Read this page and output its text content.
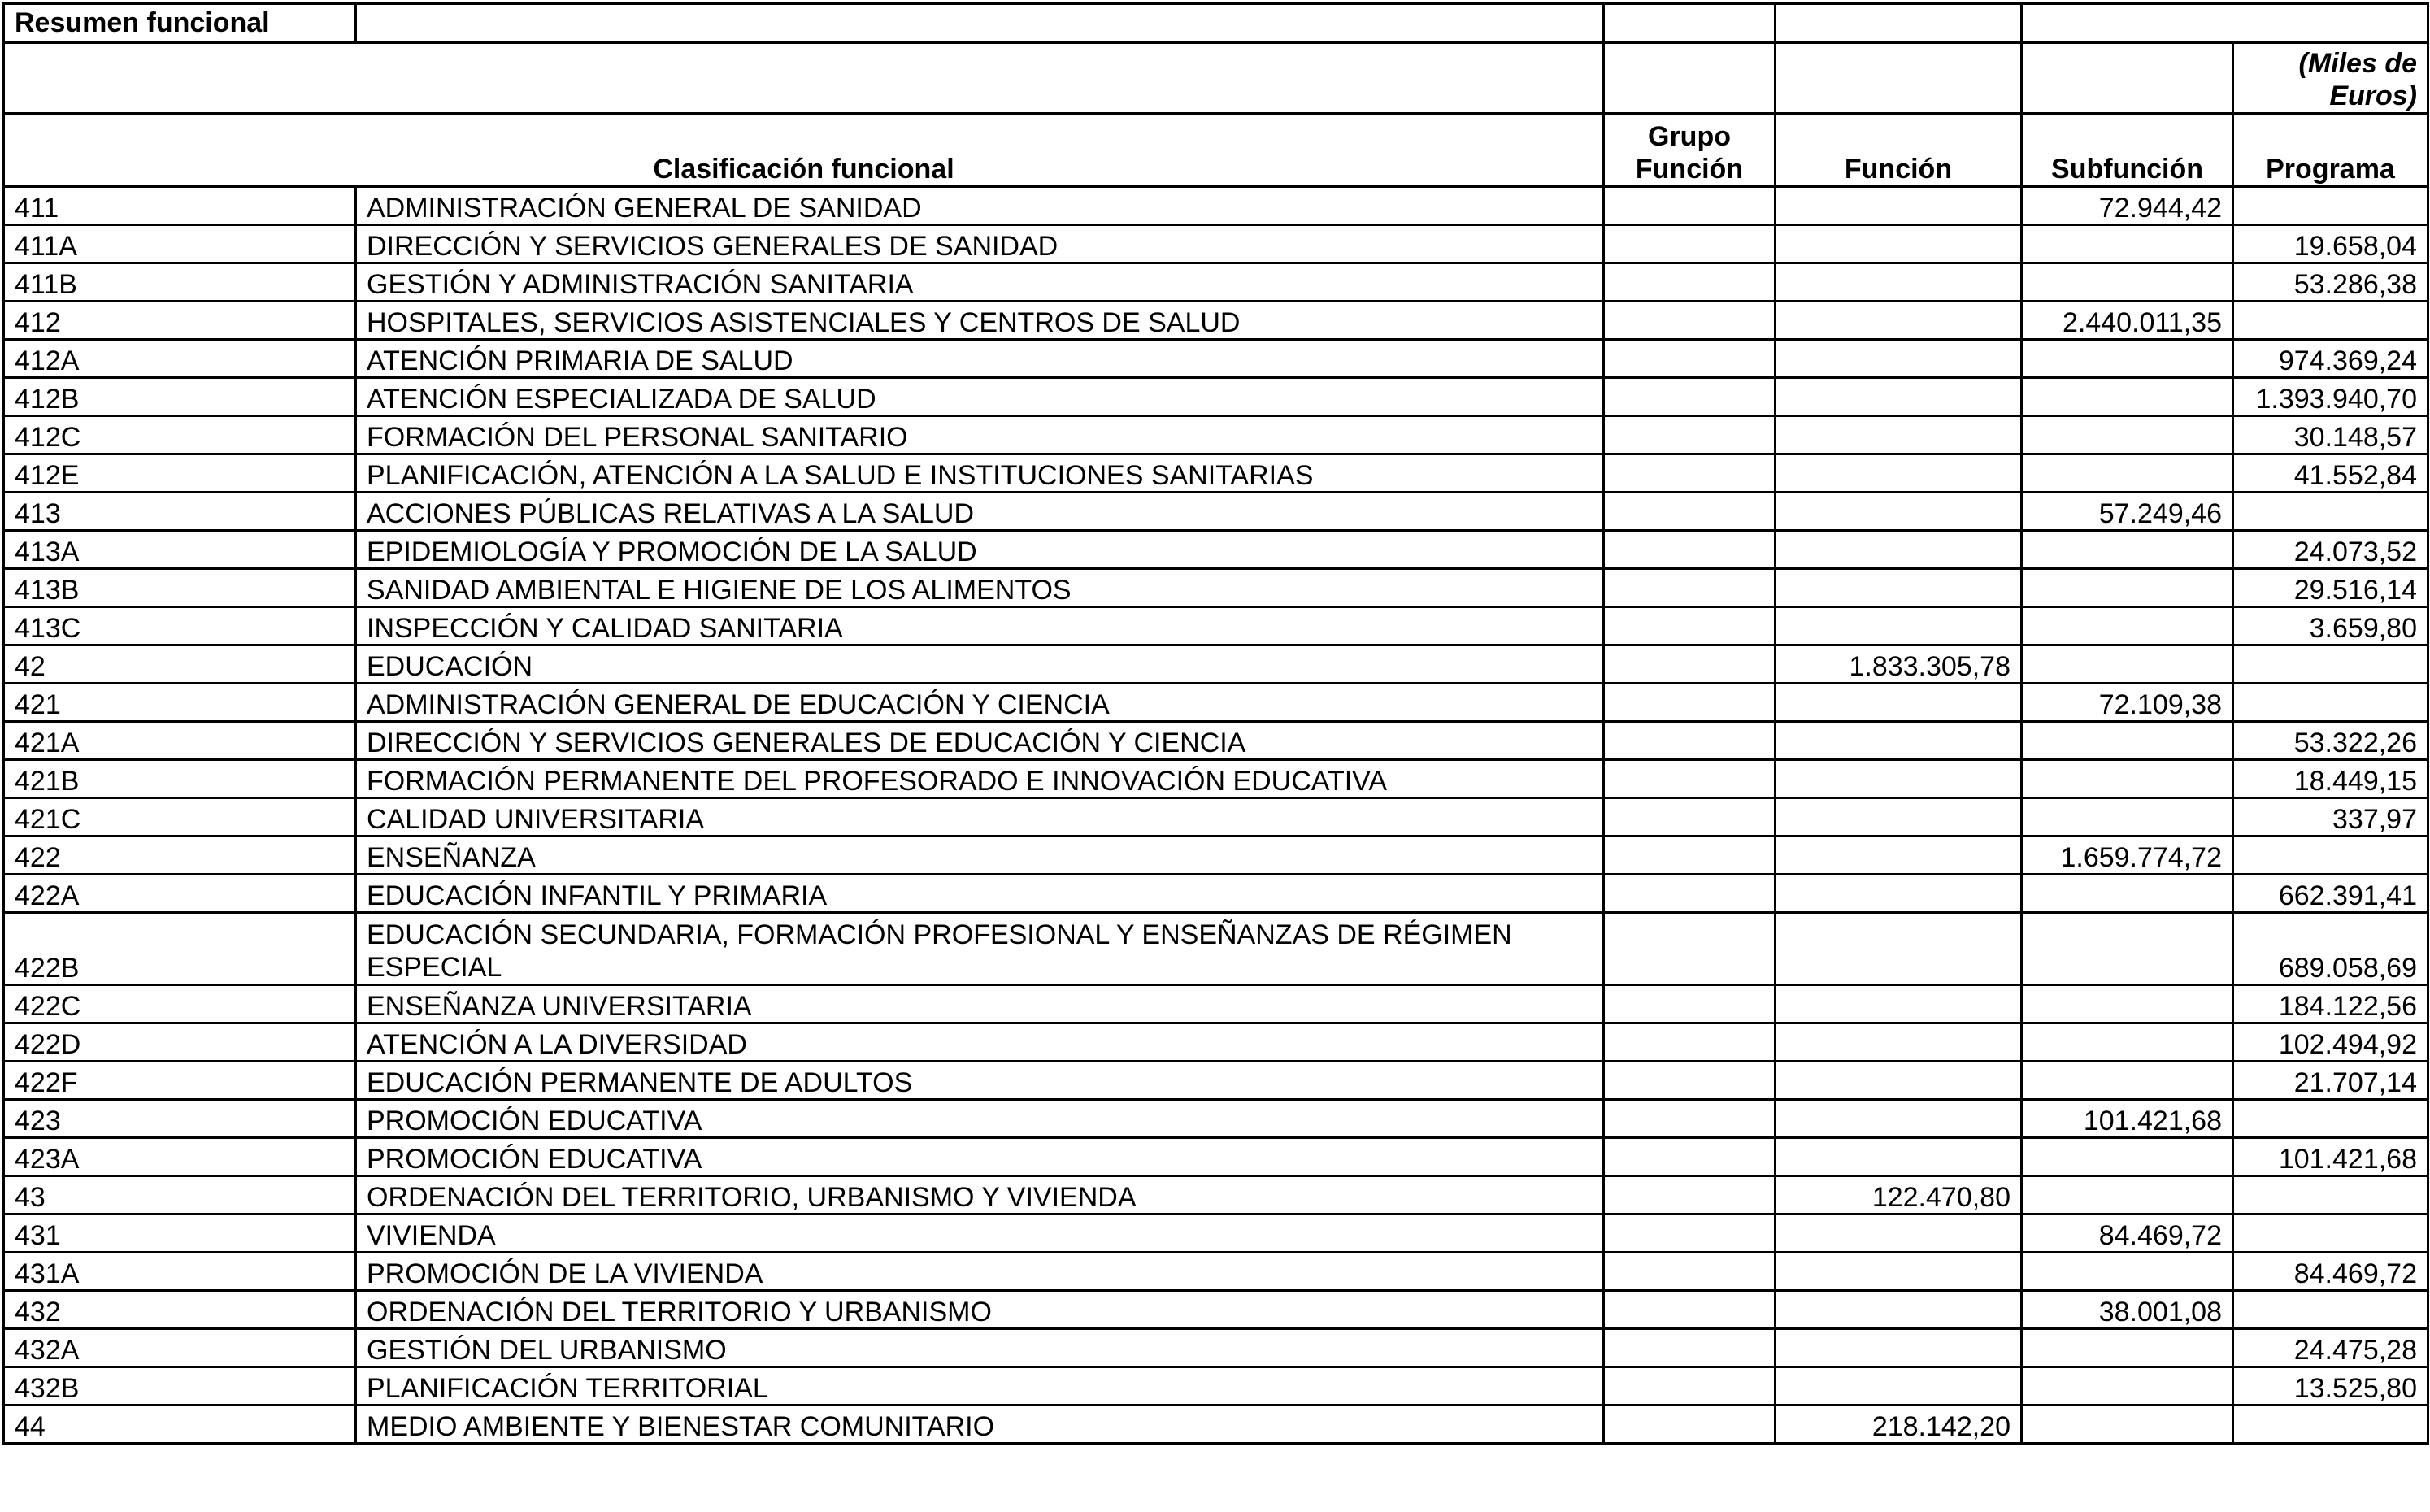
Resumen funcional					
					(Miles de Euros)
Clasificación funcional		Grupo Función	Función	Subfunción	Programa
411	ADMINISTRACIÓN GENERAL DE SANIDAD			72.944,42	
411A	DIRECCIÓN Y SERVICIOS GENERALES DE SANIDAD				19.658,04
411B	GESTIÓN Y ADMINISTRACIÓN SANITARIA				53.286,38
412	HOSPITALES, SERVICIOS ASISTENCIALES Y CENTROS DE SALUD			2.440.011,35	
412A	ATENCIÓN PRIMARIA DE SALUD				974.369,24
412B	ATENCIÓN ESPECIALIZADA DE SALUD				1.393.940,70
412C	FORMACIÓN DEL PERSONAL SANITARIO				30.148,57
412E	PLANIFICACIÓN, ATENCIÓN A LA SALUD E INSTITUCIONES SANITARIAS				41.552,84
413	ACCIONES PÚBLICAS RELATIVAS A LA SALUD			57.249,46	
413A	EPIDEMIOLOGÍA Y PROMOCIÓN DE LA SALUD				24.073,52
413B	SANIDAD AMBIENTAL E HIGIENE DE LOS ALIMENTOS				29.516,14
413C	INSPECCIÓN Y CALIDAD SANITARIA				3.659,80
42	EDUCACIÓN		1.833.305,78		
421	ADMINISTRACIÓN GENERAL DE EDUCACIÓN Y CIENCIA			72.109,38	
421A	DIRECCIÓN Y SERVICIOS GENERALES DE EDUCACIÓN Y CIENCIA				53.322,26
421B	FORMACIÓN PERMANENTE DEL PROFESORADO E INNOVACIÓN EDUCATIVA				18.449,15
421C	CALIDAD UNIVERSITARIA				337,97
422	ENSEÑANZA			1.659.774,72	
422A	EDUCACIÓN INFANTIL Y PRIMARIA				662.391,41
422B	EDUCACIÓN SECUNDARIA, FORMACIÓN PROFESIONAL Y ENSEÑANZAS DE RÉGIMEN ESPECIAL				689.058,69
422C	ENSEÑANZA UNIVERSITARIA				184.122,56
422D	ATENCIÓN A LA DIVERSIDAD				102.494,92
422F	EDUCACIÓN PERMANENTE DE ADULTOS				21.707,14
423	PROMOCIÓN EDUCATIVA			101.421,68	
423A	PROMOCIÓN EDUCATIVA				101.421,68
43	ORDENACIÓN DEL TERRITORIO, URBANISMO Y VIVIENDA		122.470,80		
431	VIVIENDA			84.469,72	
431A	PROMOCIÓN DE LA VIVIENDA				84.469,72
432	ORDENACIÓN DEL TERRITORIO Y URBANISMO			38.001,08	
432A	GESTIÓN DEL URBANISMO				24.475,28
432B	PLANIFICACIÓN TERRITORIAL				13.525,80
44	MEDIO AMBIENTE Y BIENESTAR COMUNITARIO		218.142,20		
